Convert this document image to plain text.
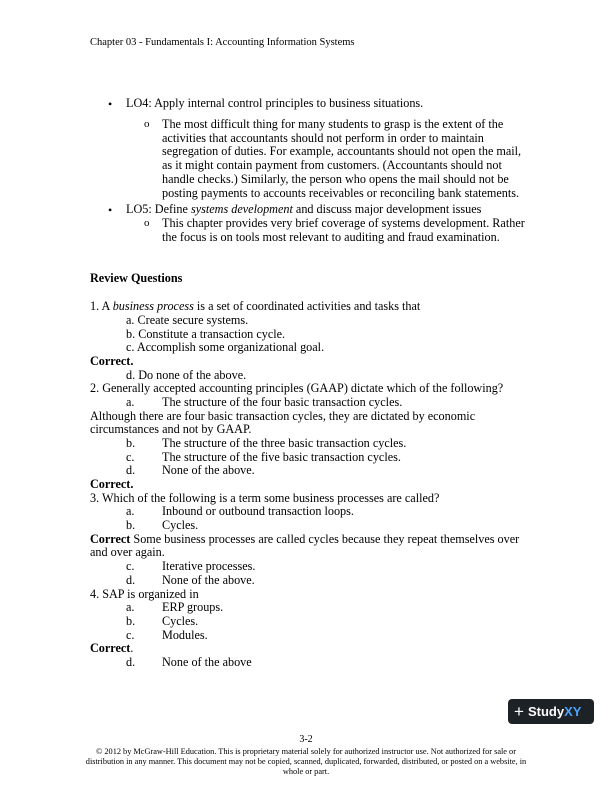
Chapter 03 - Fundamentals I: Accounting Information Systems
• LO4: Apply internal control principles to business situations.
o The most difficult thing for many students to grasp is the extent of the
activities that accountants should not perform in order to maintain
segregation of duties. For example, accountants should not open the mail,
as it might contain payment from customers. (Accountants should not
handle checks.) Similarly, the person who opens the mail should not be
posting payments to accounts receivables or reconciling bank statements.
• LO5: Define systems development and discuss major development issues
o This chapter provides very brief coverage of systems development. Rather
the focus is on tools most relevant to auditing and fraud examination.
Review Questions
1. A business process is a set of coordinated activities and tasks that
a. Create secure systems.
b. Constitute a transaction cycle.
c. Accomplish some organizational goal.
Correct.
d. Do none of the above.
2. Generally accepted accounting principles (GAAP) dictate which of the following?
a. The structure of the four basic transaction cycles.
Although there are four basic transaction cycles, they are dictated by economic
circumstances and not by GAAP.
b. The structure of the three basic transaction cycles.
c. The structure of the five basic transaction cycles.
d. None of the above.
Correct.
3. Which of the following is a term some business processes are called?
a. Inbound or outbound transaction loops.
b. Cycles.
Correct Some business processes are called cycles because they repeat themselves over
and over again.
c. Iterative processes.
d. None of the above.
4. SAP is organized in
a. ERP groups.
b. Cycles.
c. Modules.
Correct.
d. None of the above
+ Study XY
3-2
© 2012 by McGraw-Hill Education. This is proprietary material solely for authorized instructor use. Not authorized for sale or
distribution in any manner. This document may not be copied, scanned, duplicated, forwarded, distributed, or posted on a website, in
whole or part.
